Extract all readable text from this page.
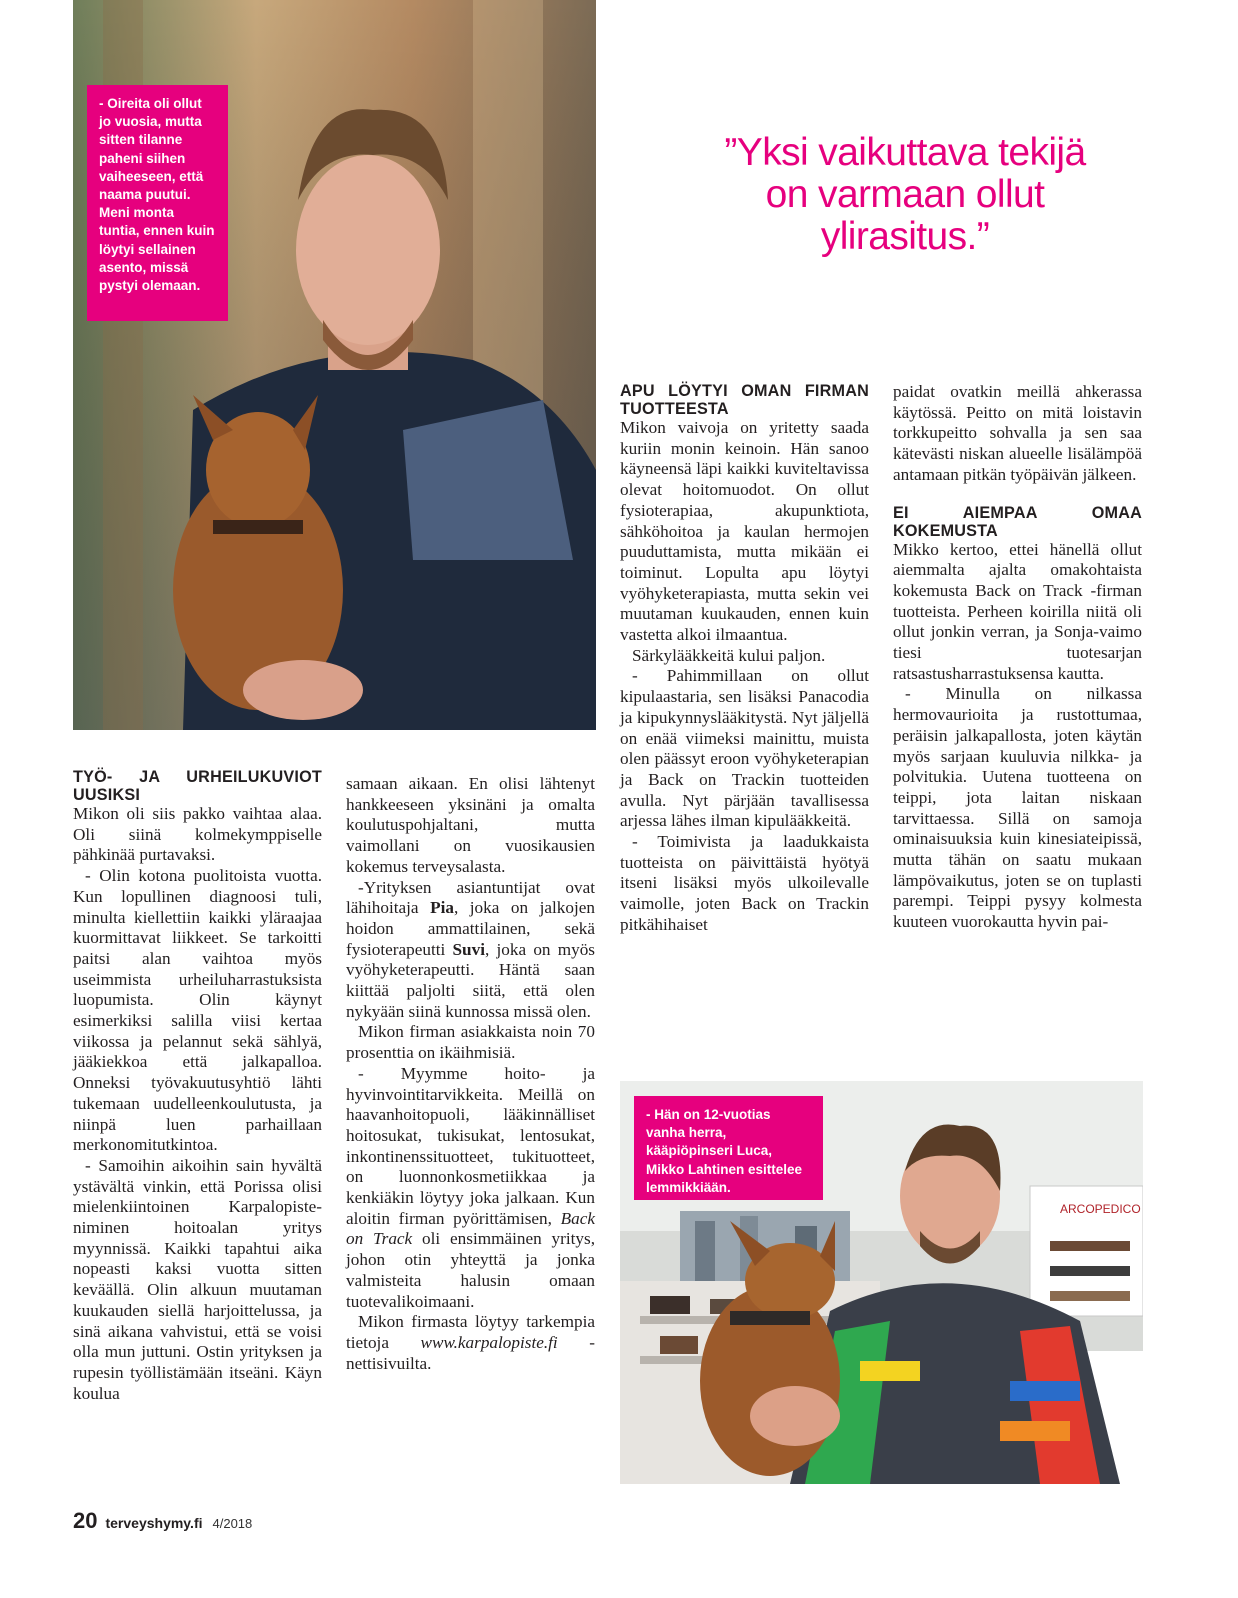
- Oireita oli ollut jo vuosia, mutta sitten tilanne paheni siihen vaiheeseen, että naama puutui. Meni monta tuntia, ennen kuin löytyi sellainen asento, missä pystyi olemaan.

”Yksi vaikuttava tekijä on varmaan ollut ylirasitus.”

TYÖ- JA URHEILUKUVIOT UUSIKSI

Mikon oli siis pakko vaihtaa alaa. Oli siinä kolmekymppiselle pähkinää purtavaksi.

- Olin kotona puolitoista vuotta. Kun lopullinen diagnoosi tuli, minulta kiellettiin kaikki yläraajaa kuormittavat liikkeet. Se tarkoitti paitsi alan vaihtoa myös useimmista urheiluharrastuksista luopumista. Olin käynyt esimerkiksi salilla viisi kertaa viikossa ja pelannut sekä sählyä, jääkiekkoa että jalkapalloa. Onneksi työvakuutusyhtiö lähti tukemaan uudelleenkoulutusta, ja niinpä luen parhaillaan merkonomitutkintoa.

- Samoihin aikoihin sain hyvältä ystävältä vinkin, että Porissa olisi mielenkiintoinen Karpalopiste-niminen hoitoalan yritys myynnissä. Kaikki tapahtui aika nopeasti kaksi vuotta sitten keväällä. Olin alkuun muutaman kuukauden siellä harjoittelussa, ja sinä aikana vahvistui, että se voisi olla mun juttuni. Ostin yrityksen ja rupesin työllistämään itseäni. Käyn koulua

samaan aikaan. En olisi lähtenyt hankkeeseen yksinäni ja omalta koulutuspohjaltani, mutta vaimollani on vuosikausien kokemus terveysalasta.

-Yrityksen asiantuntijat ovat lähihoitaja Pia, joka on jalkojen hoidon ammattilainen, sekä fysioterapeutti Suvi, joka on myös vyöhyketerapeutti. Häntä saan kiittää paljolti siitä, että olen nykyään siinä kunnossa missä olen.

Mikon firman asiakkaista noin 70 prosenttia on ikäihmisiä.

- Myymme hoito- ja hyvinvointitarvikkeita. Meillä on haavanhoitopuoli, lääkinnälliset hoitosukat, tukisukat, lentosukat, inkontinenssituotteet, tukituotteet, on luonnonkosmetiikkaa ja kenkiäkin löytyy joka jalkaan. Kun aloitin firman pyörittämisen, Back on Track oli ensimmäinen yritys, johon otin yhteyttä ja jonka valmisteita halusin omaan tuotevalikoimaani.

Mikon firmasta löytyy tarkempia tietoja www.karpalopiste.fi -nettisivuilta.

APU LÖYTYI OMAN FIRMAN TUOTTEESTA

Mikon vaivoja on yritetty saada kuriin monin keinoin. Hän sanoo käyneensä läpi kaikki kuviteltavissa olevat hoitomuodot. On ollut fysioterapiaa, akupunktiota, sähköhoitoa ja kaulan hermojen puuduttamista, mutta mikään ei toiminut. Lopulta apu löytyi vyöhyketerapiasta, mutta sekin vei muutaman kuukauden, ennen kuin vastetta alkoi ilmaantua.

Särkylääkkeitä kului paljon.

- Pahimmillaan on ollut kipulaastaria, sen lisäksi Panacodia ja kipukynnyslääkitystä. Nyt jäljellä on enää viimeksi mainittu, muista olen päässyt eroon vyöhyketerapian ja Back on Trackin tuotteiden avulla. Nyt pärjään tavallisessa arjessa lähes ilman kipulääkkeitä.

- Toimivista ja laadukkaista tuotteista on päivittäistä hyötyä itseni lisäksi myös ulkoilevalle vaimolle, joten Back on Trackin pitkähihaiset

paidat ovatkin meillä ahkerassa käytössä. Peitto on mitä loistavin torkkupeitto sohvalla ja sen saa kätevästi niskan alueelle lisälämpöä antamaan pitkän työpäivän jälkeen.

EI AIEMPAA OMAA KOKEMUSTA

Mikko kertoo, ettei hänellä ollut aiemmalta ajalta omakohtaista kokemusta Back on Track -firman tuotteista. Perheen koirilla niitä oli ollut jonkin verran, ja Sonja-vaimo tiesi tuotesarjan ratsastusharrastuksensa kautta.

- Minulla on nilkassa hermovaurioita ja rustottumaa, peräisin jalkapallosta, joten käytän myös sarjaan kuuluvia nilkka- ja polvitukia. Uutena tuotteena on teippi, jota laitan niskaan tarvittaessa. Sillä on samoja ominaisuuksia kuin kinesiateipissä, mutta tähän on saatu mukaan lämpövaikutus, joten se on tuplasti parempi. Teippi pysyy kolmesta kuuteen vuorokautta hyvin pai-

ARCOPEDICO

- Hän on 12-vuotias vanha herra, kääpiöpinseri Luca, Mikko Lahtinen esittelee lemmikkiään.

20 terveyshymy.fi 4/2018
